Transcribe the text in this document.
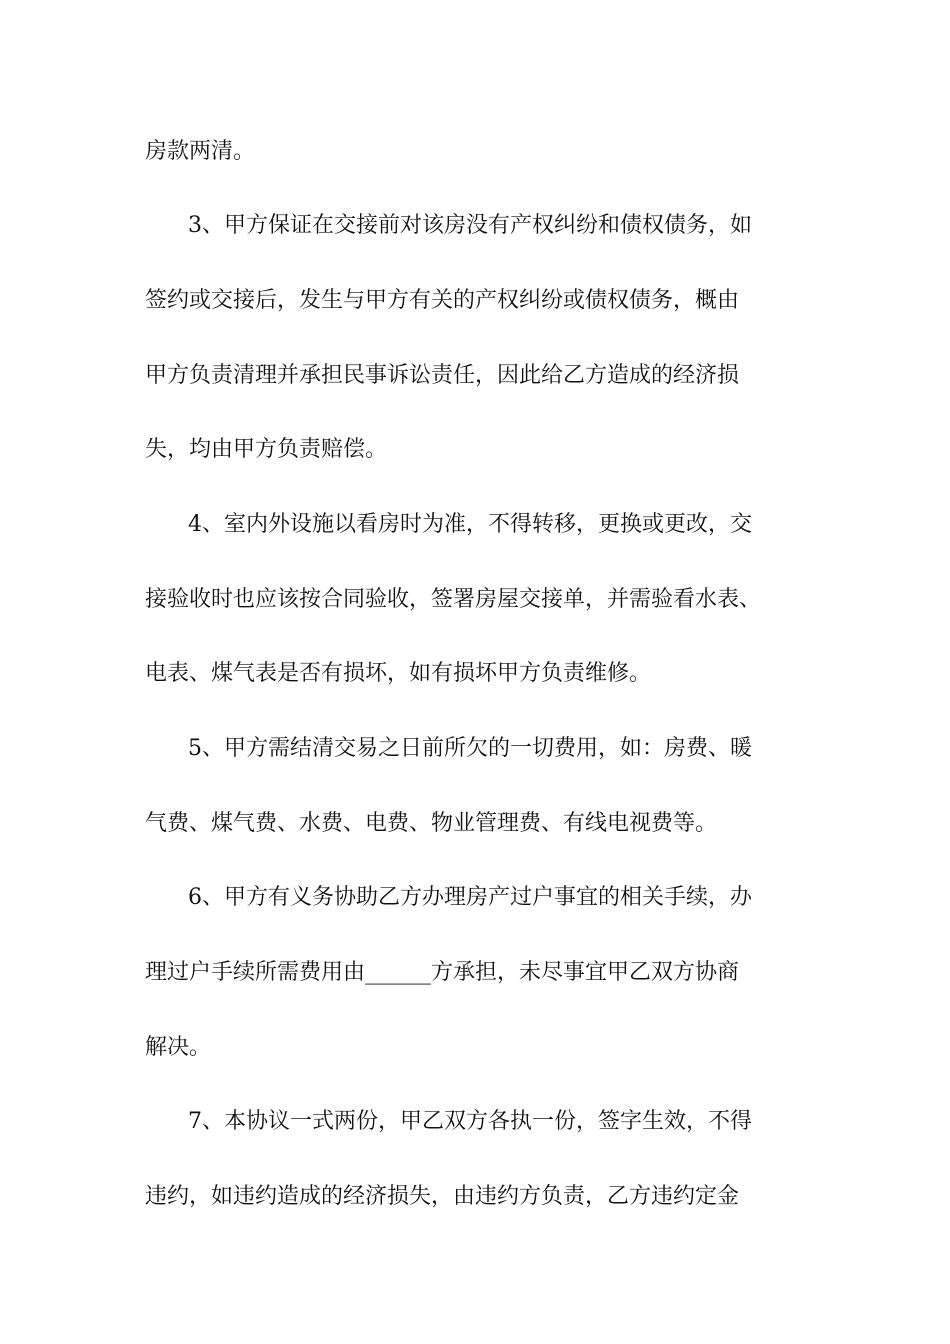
房款两清。
3、甲方保证在交接前对该房没有产权纠纷和债权债务，如
签约或交接后，发生与甲方有关的产权纠纷或债权债务，概由
甲方负责清理并承担民事诉讼责任，因此给乙方造成的经济损
失，均由甲方负责赔偿。
4、室内外设施以看房时为准，不得转移，更换或更改，交
接验收时也应该按合同验收，签署房屋交接单，并需验看水表、
电表、煤气表是否有损坏，如有损坏甲方负责维修。
5、甲方需结清交易之日前所欠的一切费用，如：房费、暖
气费、煤气费、水费、电费、物业管理费、有线电视费等。
6、甲方有义务协助乙方办理房产过户事宜的相关手续，办
理过户手续所需费用由______方承担，未尽事宜甲乙双方协商
解决。
7、本协议一式两份，甲乙双方各执一份，签字生效，不得
违约，如违约造成的经济损失，由违约方负责，乙方违约定金
